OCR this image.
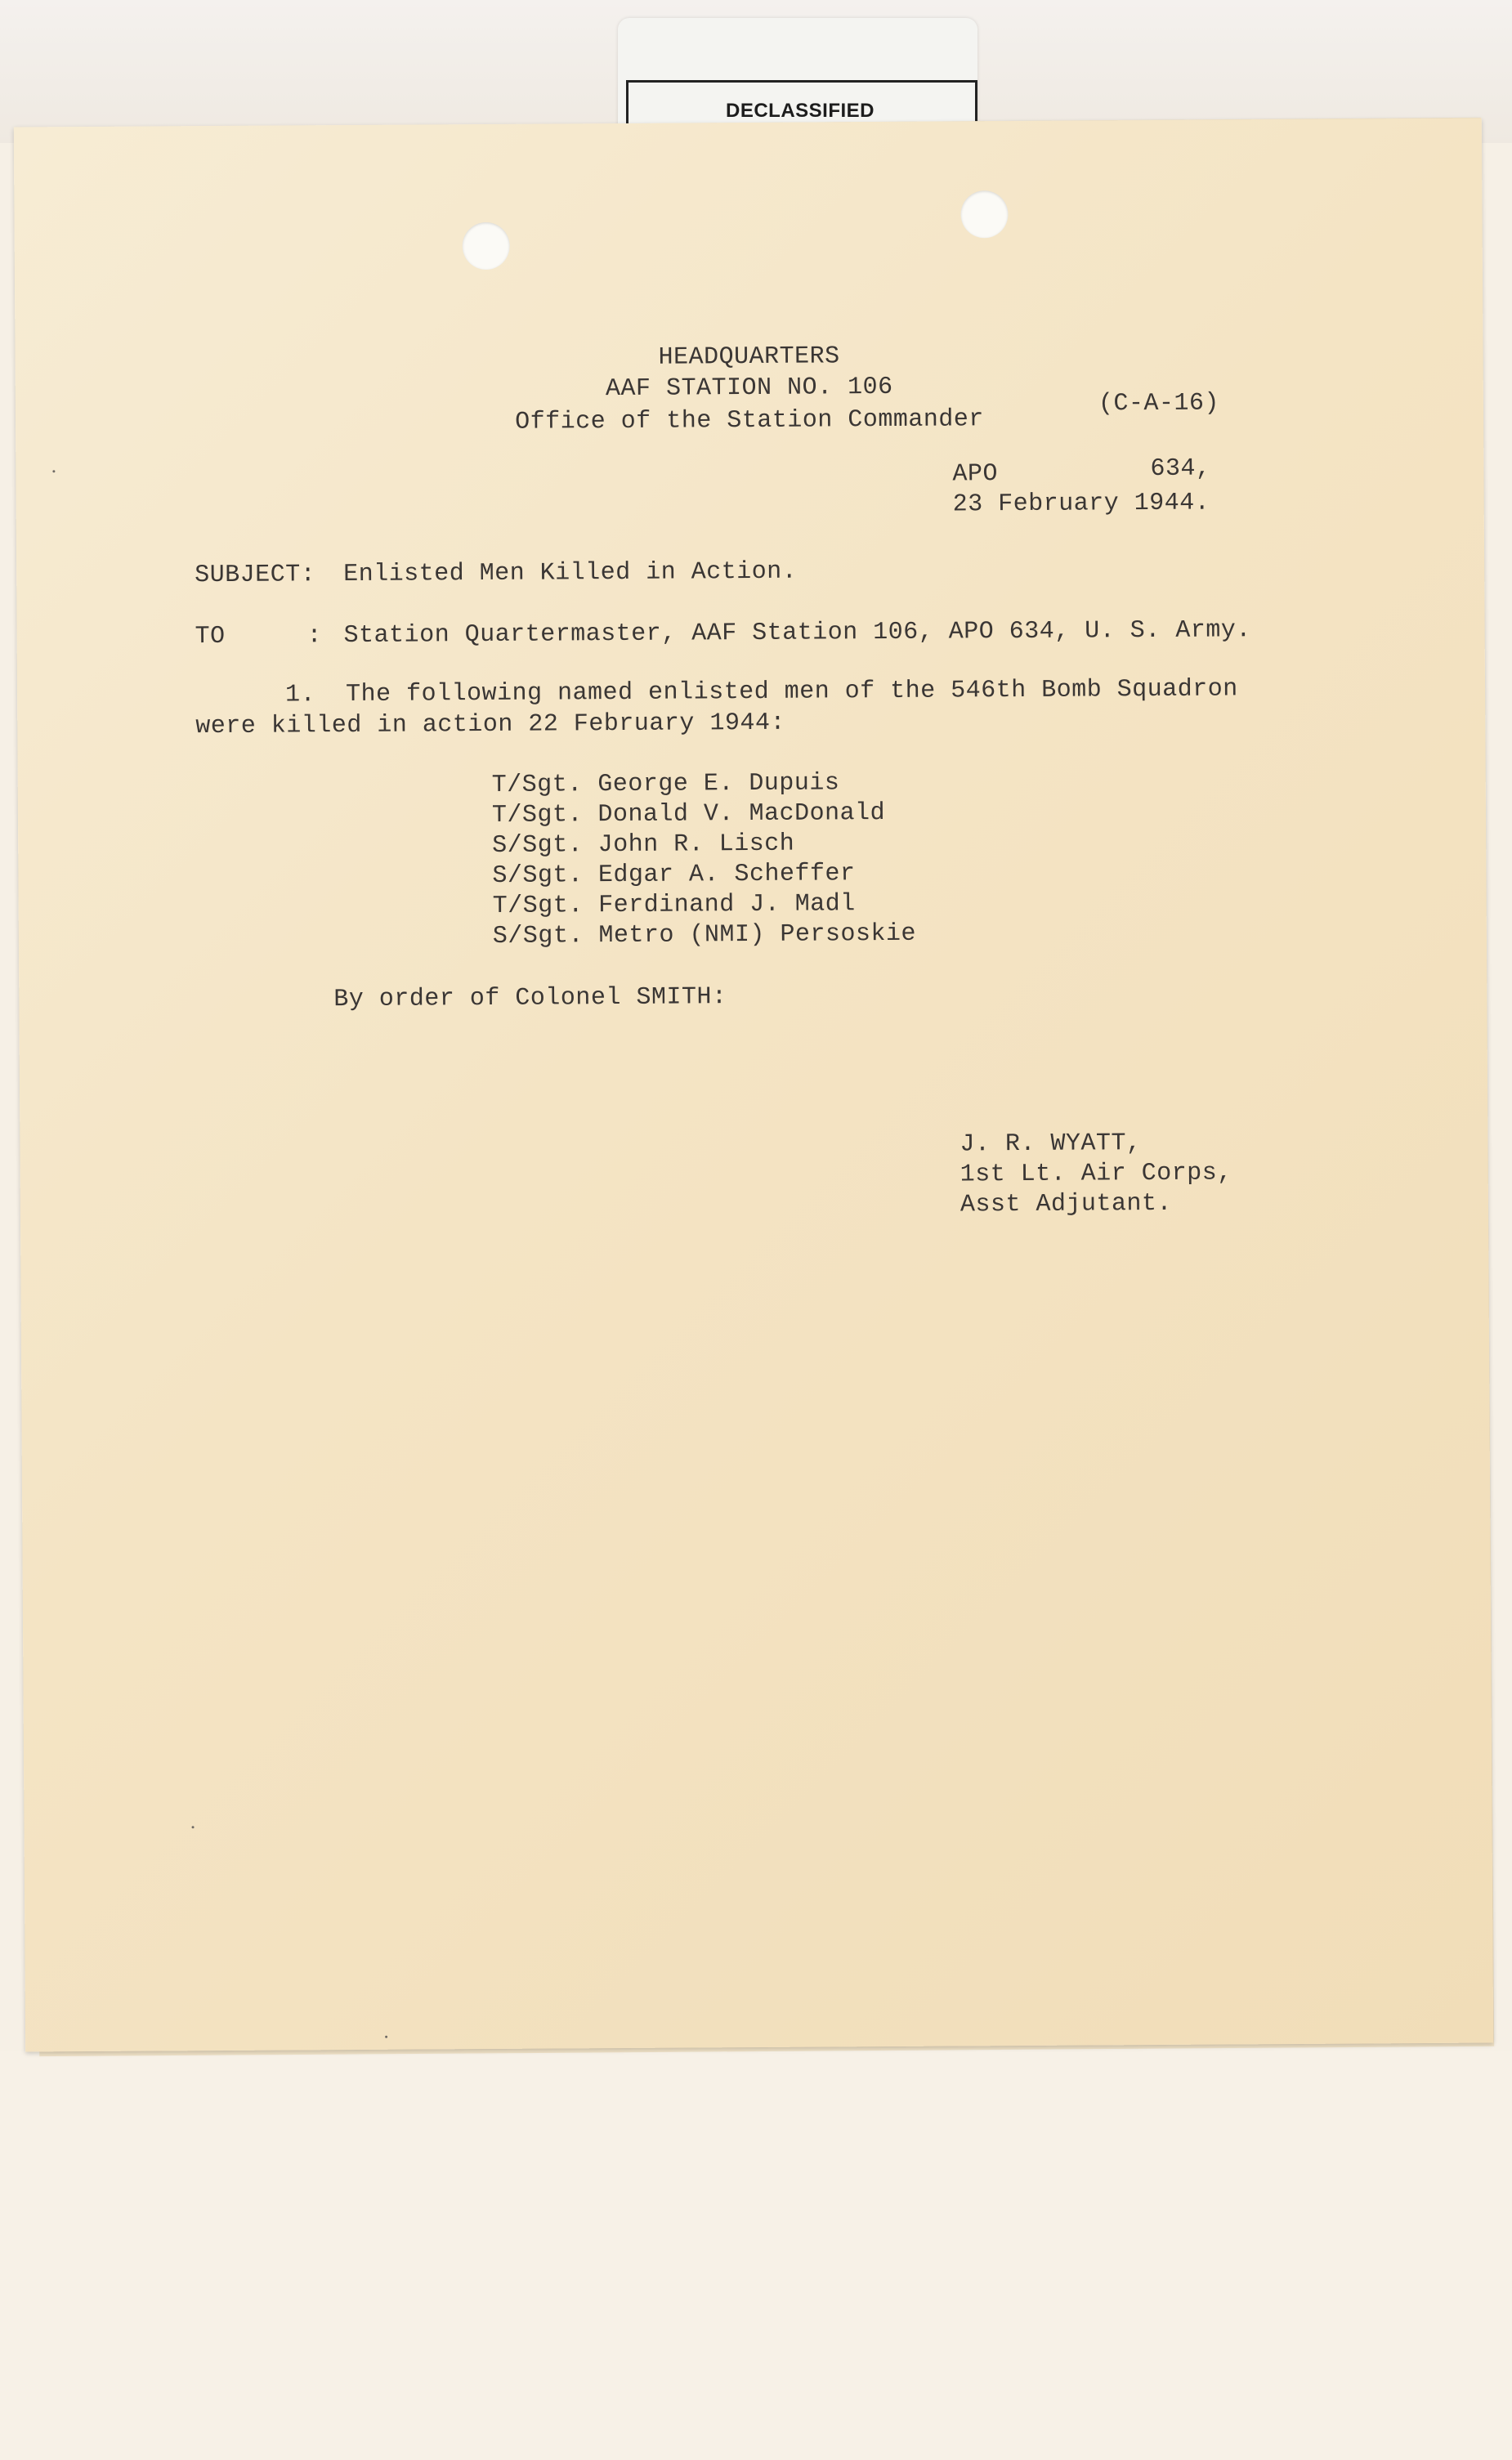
DECLASSIFIED
HEADQUARTERS
AAF STATION NO. 106
Office of the Station Commander
(C-A-16)
APO	634,
23 February 1944.
SUBJECT: Enlisted Men Killed in Action.
TO	: Station Quartermaster, AAF Station 106, APO 634, U. S. Army.
1.  The following named enlisted men of the 546th Bomb Squadron
were killed in action 22 February 1944:
T/Sgt. George E. Dupuis
T/Sgt. Donald V. MacDonald
S/Sgt. John R. Lisch
S/Sgt. Edgar A. Scheffer
T/Sgt. Ferdinand J. Madl
S/Sgt. Metro (NMI) Persoskie
By order of Colonel SMITH:
J. R. WYATT,
1st Lt. Air Corps,
Asst Adjutant.
